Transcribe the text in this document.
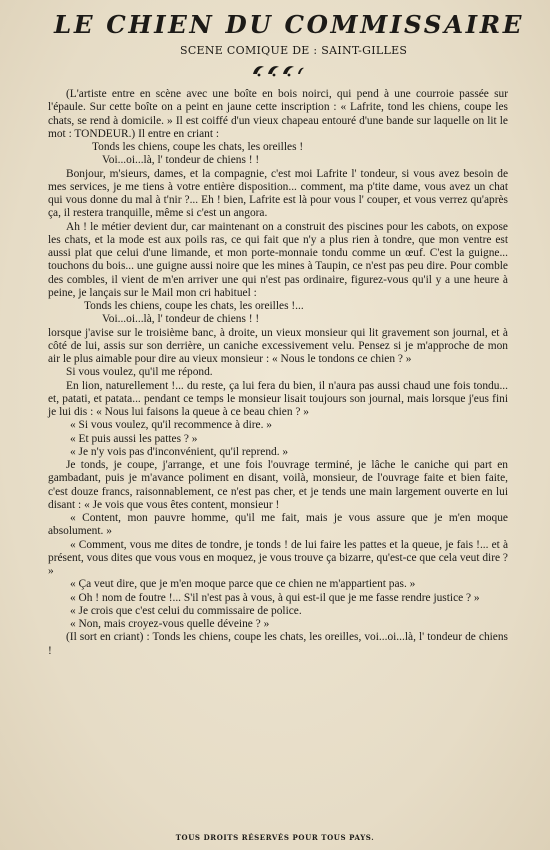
LE CHIEN DU COMMISSAIRE
SCENE COMIQUE DE : SAINT-GILLES

(L'artiste entre en scène avec une boîte en bois noirci, qui pend à une courroie passée sur l'épaule. Sur cette boîte on a peint en jaune cette inscription : « Lafrite, tond les chiens, coupe les chats, se rend à domicile. » Il est coiffé d'un vieux chapeau entouré d'une bande sur laquelle on lit le mot : TONDEUR.) Il entre en criant :

Tonds les chiens, coupe les chats, les oreilles !

Voi...oi...là, l' tondeur de chiens ! !

Bonjour, m'sieurs, dames, et la compagnie, c'est moi Lafrite l' tondeur, si vous avez besoin de mes services, je me tiens à votre entière disposition... comment, ma p'tite dame, vous avez un chat qui vous donne du mal à t'nir ?... Eh ! bien, Lafrite est là pour vous l' couper, et vous verrez qu'après ça, il restera tranquille, même si c'est un angora.

Ah ! le métier devient dur, car maintenant on a construit des piscines pour les cabots, on expose les chats, et la mode est aux poils ras, ce qui fait que n'y a plus rien à tondre, que mon ventre est aussi plat que celui d'une limande, et mon porte-monnaie tondu comme un œuf. C'est la guigne... touchons du bois... une guigne aussi noire que les mines à Taupin, ce n'est pas peu dire. Pour comble des combles, il vient de m'en arriver une qui n'est pas ordinaire, figurez-vous qu'il y a une heure à peine, je lançais sur le Mail mon cri habituel :

Tonds les chiens, coupe les chats, les oreilles !...

Voi...oi...là, l' tondeur de chiens ! !

lorsque j'avise sur le troisième banc, à droite, un vieux monsieur qui lit gravement son journal, et à côté de lui, assis sur son derrière, un caniche excessivement velu. Pensez si je m'approche de mon air le plus aimable pour dire au vieux monsieur : « Nous le tondons ce chien ? »

Si vous voulez, qu'il me répond.

En lion, naturellement !... du reste, ça lui fera du bien, il n'aura pas aussi chaud une fois tondu... et, patati, et patata... pendant ce temps le monsieur lisait toujours son journal, mais lorsque j'eus fini je lui dis : « Nous lui faisons la queue à ce beau chien ? »

« Si vous voulez, qu'il recommence à dire. »

« Et puis aussi les pattes ? »

« Je n'y vois pas d'inconvénient, qu'il reprend. »

Je tonds, je coupe, j'arrange, et une fois l'ouvrage terminé, je lâche le caniche qui part en gambadant, puis je m'avance poliment en disant, voilà, monsieur, de l'ouvrage faite et bien faite, c'est douze francs, raisonnablement, ce n'est pas cher, et je tends une main largement ouverte en lui disant : « Je vois que vous êtes content, monsieur !

« Content, mon pauvre homme, qu'il me fait, mais je vous assure que je m'en moque absolument. »

« Comment, vous me dites de tondre, je tonds ! de lui faire les pattes et la queue, je fais !... et à présent, vous dites que vous vous en moquez, je vous trouve ça bizarre, qu'est-ce que cela veut dire ? »

« Ça veut dire, que je m'en moque parce que ce chien ne m'appartient pas. »

« Oh ! nom de foutre !... S'il n'est pas à vous, à qui est-il que je me fasse rendre justice ? »

« Je crois que c'est celui du commissaire de police.

« Non, mais croyez-vous quelle déveine ? »

(Il sort en criant) : Tonds les chiens, coupe les chats, les oreilles, voi...oi...là, l' tondeur de chiens !

TOUS DROITS RÉSERVÉS POUR TOUS PAYS.
